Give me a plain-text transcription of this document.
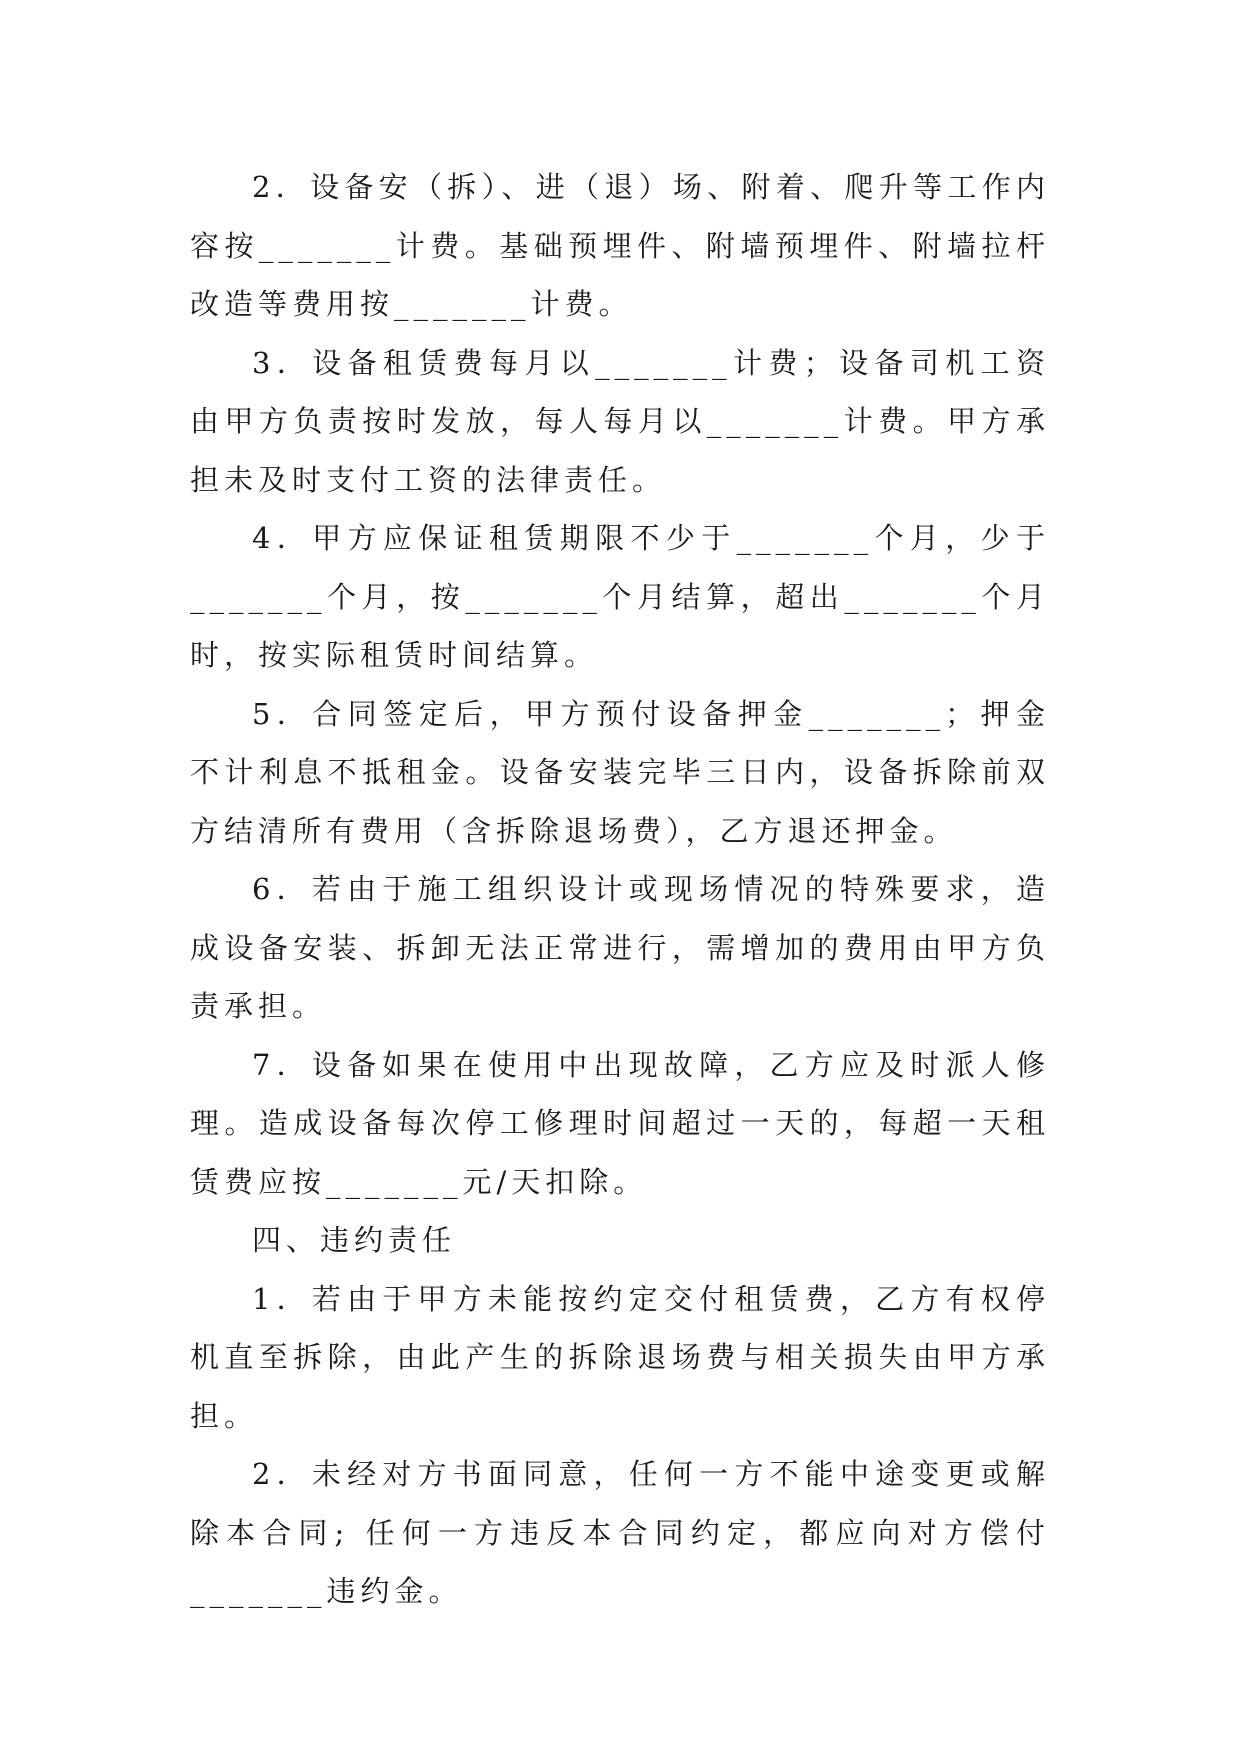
2．设备安（拆）、进（退）场、附着、爬升等工作内容按_______计费。基础预埋件、附墙预埋件、附墙拉杆改造等费用按_______计费。

3．设备租赁费每月以_______计费；设备司机工资由甲方负责按时发放，每人每月以_______计费。甲方承担未及时支付工资的法律责任。

4．甲方应保证租赁期限不少于_______个月，少于_______个月，按_______个月结算，超出_______个月时，按实际租赁时间结算。

5．合同签定后，甲方预付设备押金_______；押金不计利息不抵租金。设备安装完毕三日内，设备拆除前双方结清所有费用（含拆除退场费），乙方退还押金。

6．若由于施工组织设计或现场情况的特殊要求，造成设备安装、拆卸无法正常进行，需增加的费用由甲方负责承担。

7．设备如果在使用中出现故障，乙方应及时派人修理。造成设备每次停工修理时间超过一天的，每超一天租赁费应按_______元/天扣除。

四、违约责任

1．若由于甲方未能按约定交付租赁费，乙方有权停机直至拆除，由此产生的拆除退场费与相关损失由甲方承担。

2．未经对方书面同意，任何一方不能中途变更或解除本合同; 任何一方违反本合同约定，都应向对方偿付_______违约金。
